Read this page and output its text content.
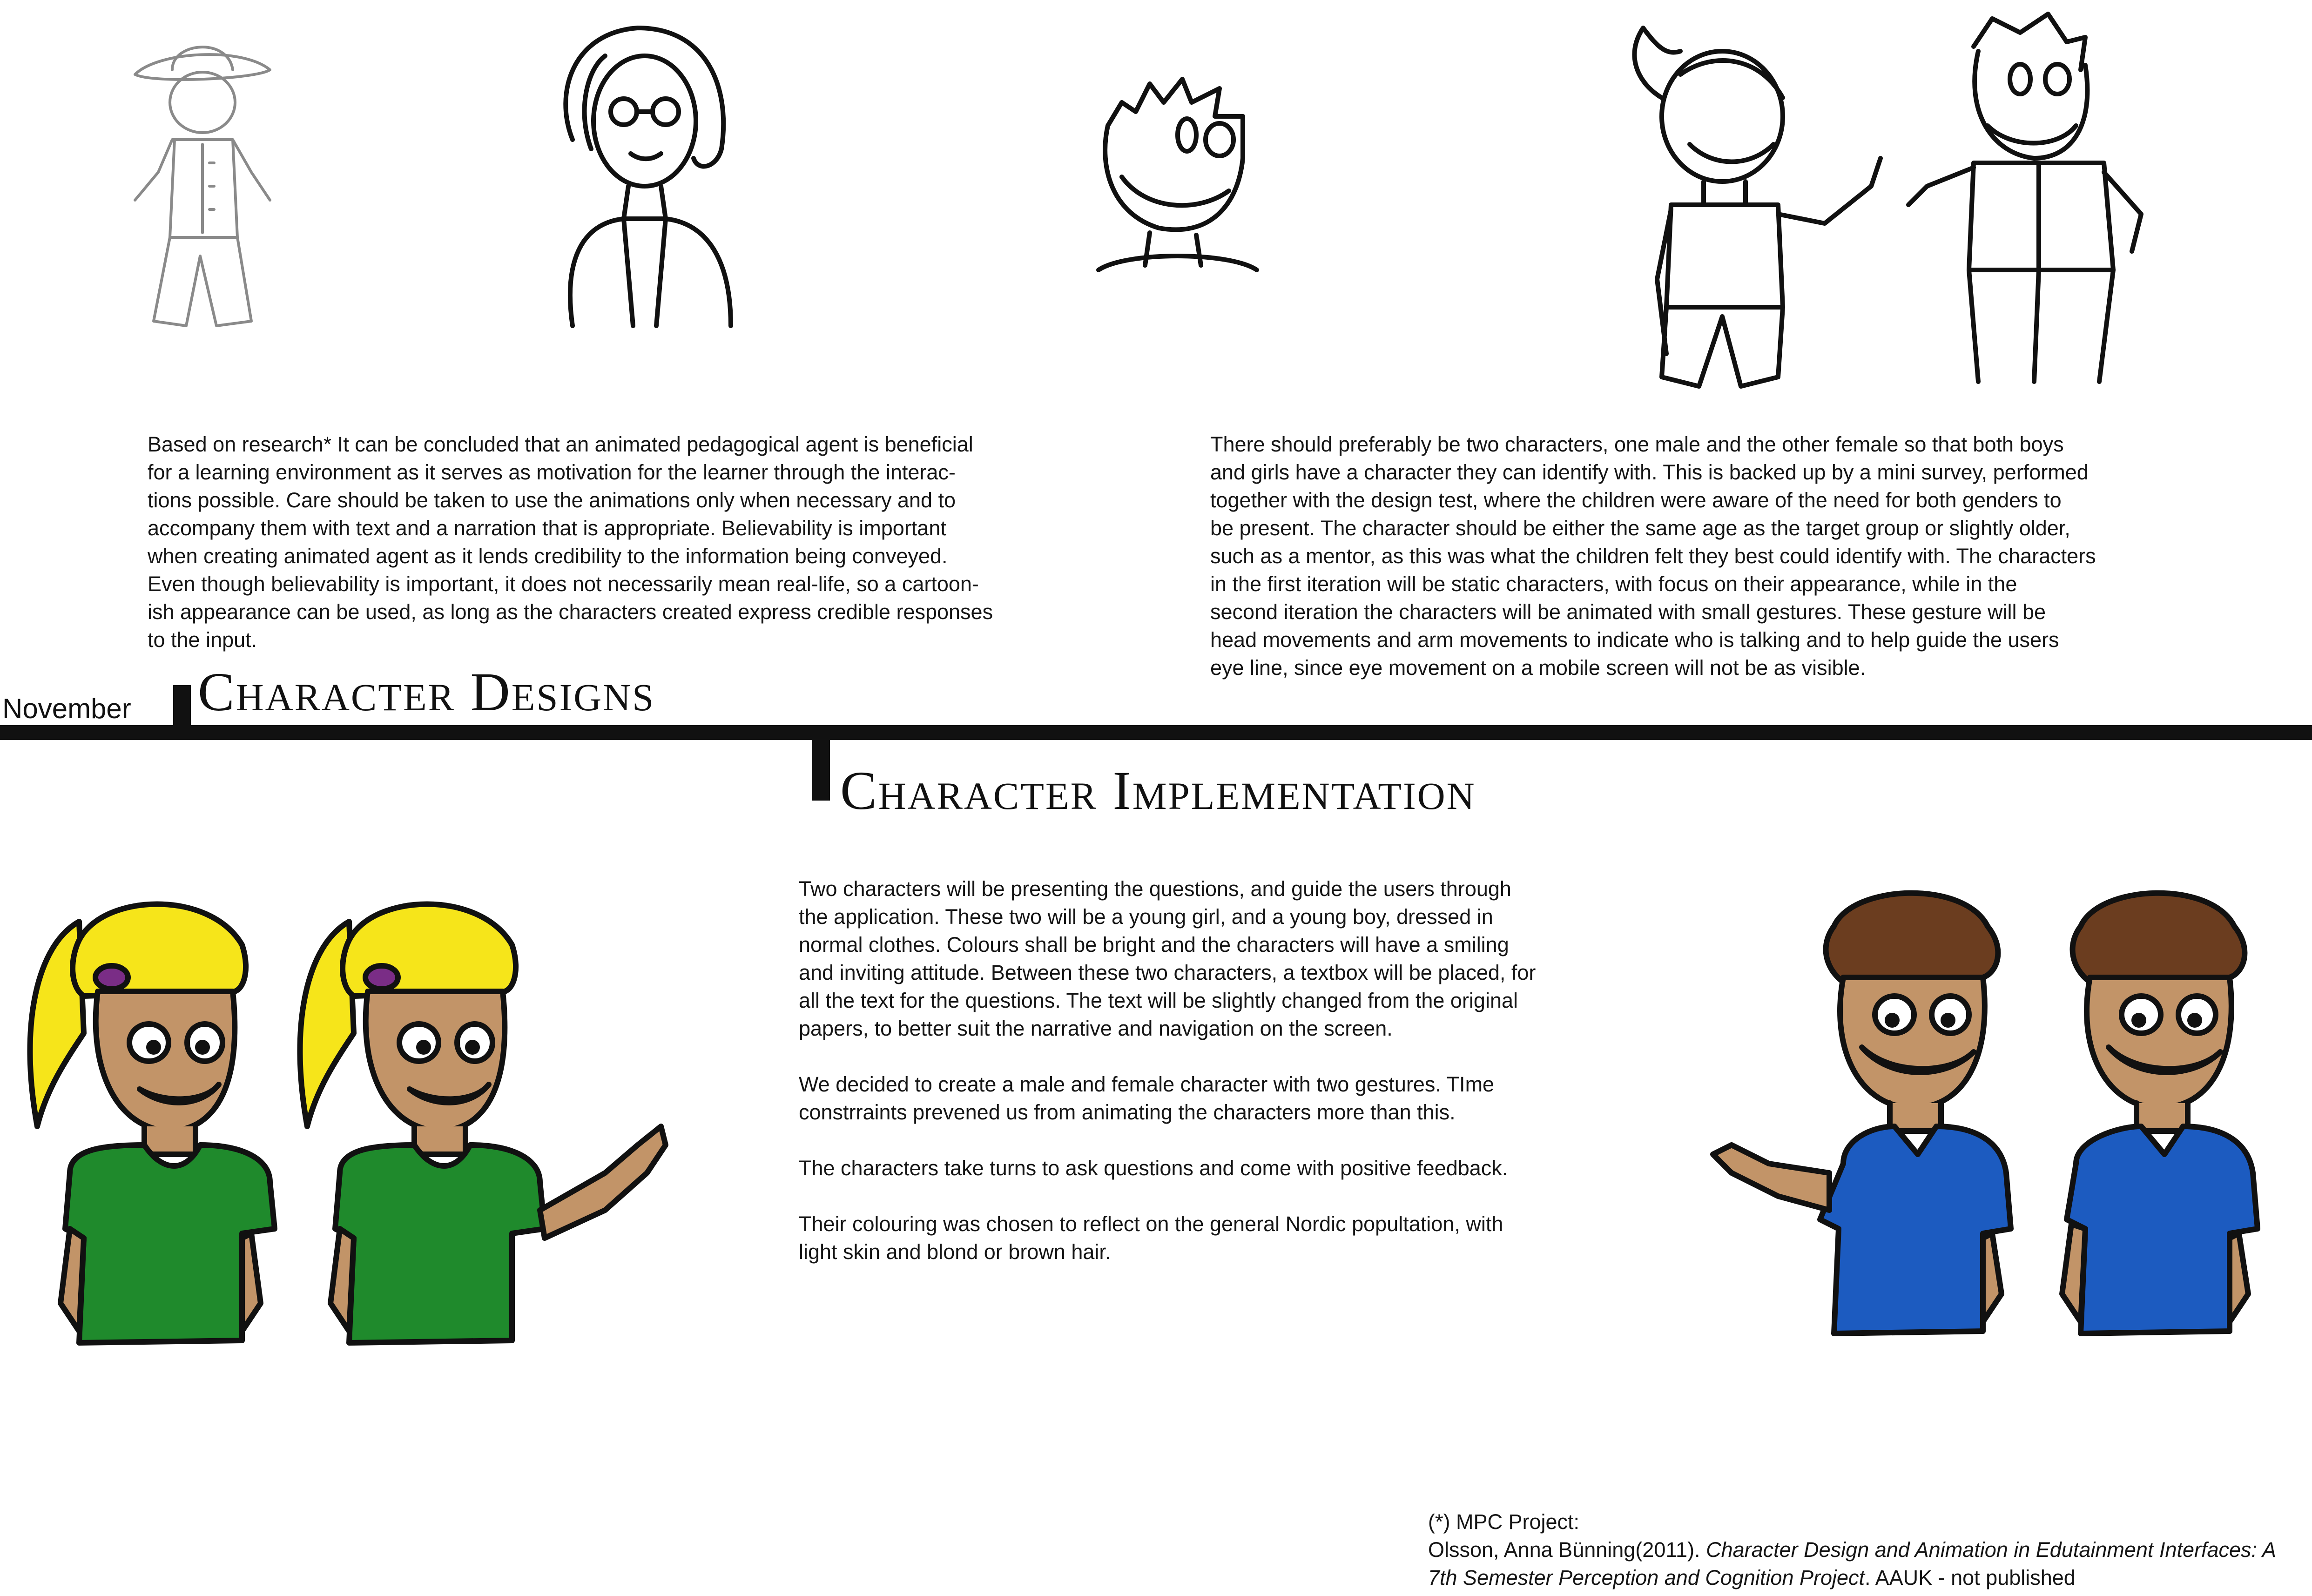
Based on research* It can be concluded that an animated pedagogical agent is beneficial
for a learning environment as it serves as motivation for the learner through the interac-
tions possible. Care should be taken to use the animations only when necessary and to
accompany them with text and a narration that is appropriate. Believability is important
when creating animated agent as it lends credibility to the information being conveyed.
Even though believability is important, it does not necessarily mean real-life, so a cartoon-
ish appearance can be used, as long as the characters created express credible responses
to the input.
There should preferably be two characters, one male and the other female so that both boys
and girls have a character they can identify with. This is backed up by a mini survey, performed
together with the design test, where the children were aware of the need for both genders to
be present. The character should be either the same age as the target group or slightly older,
such as a mentor, as this was what the children felt they best could identify with. The characters
in the first iteration will be static characters, with focus on their appearance, while in the
second iteration the characters will be animated with small gestures. These gesture will be
head movements and arm movements to indicate who is talking and to help guide the users
eye line, since eye movement on a mobile screen will not be as visible.
November Character Designs
Character Implementation
Two characters will be presenting the questions, and guide the users through
the application. These two will be a young girl, and a young boy, dressed in
normal clothes. Colours shall be bright and the characters will have a smiling
and inviting attitude. Between these two characters, a textbox will be placed, for
all the text for the questions. The text will be slightly changed from the original
papers, to better suit the narrative and navigation on the screen.

We decided to create a male and female character with two gestures. TIme
constrraints prevened us from animating the characters more than this.

The characters take turns to ask questions and come with positive feedback.

Their colouring was chosen to reflect on the general Nordic popultation, with
light skin and blond or brown hair.
(*) MPC Project:
Olsson, Anna Bünning(2011). Character Design and Animation in Edutainment Interfaces: A 7th Semester Perception and Cognition Project. AAUK - not published
